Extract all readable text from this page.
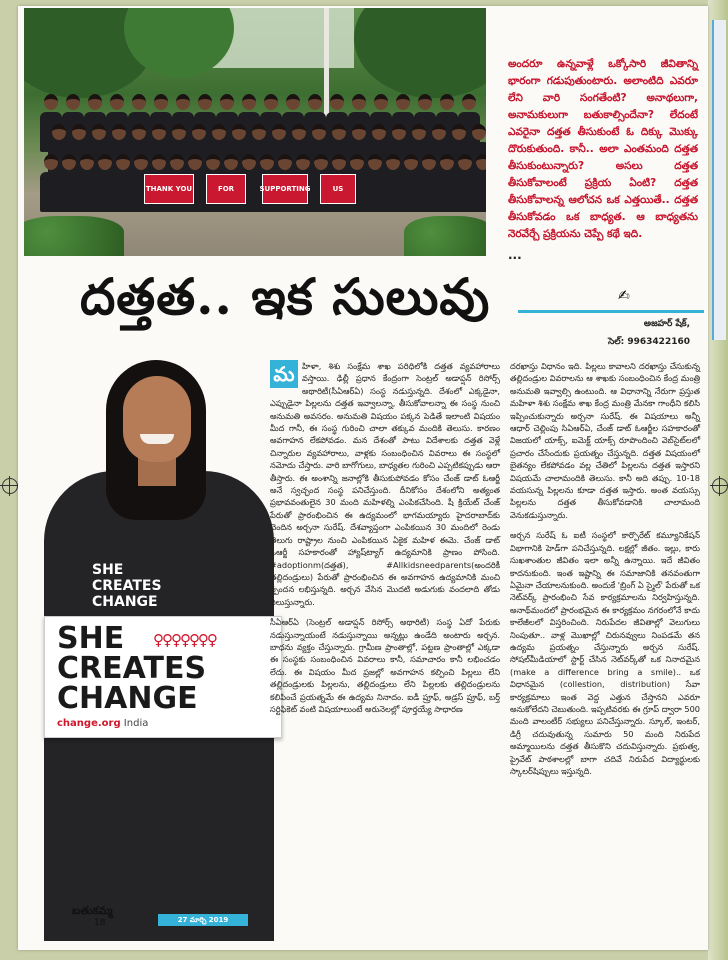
THANK YOU	FOR	SUPPORTING	US
అందరూ ఉన్నవాళ్లే ఒక్కోసారి జీవితాన్ని భారంగా గడుపుతుంటారు. అలాంటిది ఎవరూ లేని వారి సంగతేంటి? అనాథలుగా, అనామకులుగా బతుకాల్సిందేనా? లేదంటే ఎవరైనా దత్తత తీసుకుంటే ఓ దిక్కు మొక్కు దొరుకుతుంది. కానీ.. అలా ఎంతమంది దత్తత తీసుకుంటున్నారు? అసలు దత్తత తీసుకోవాలంటే ప్రక్రియ ఏంటి? దత్తత తీసుకోవాలన్న ఆలోచన ఒక ఎత్తయితే.. దత్తత తీసుకోవడం ఒక బాధ్యత. ఆ బాధ్యతను నెరవేర్చే ప్రక్రియను చెప్పే కథే ఇది.
...
దత్తత.. ఇక సులువు	✍
అజహర్ షేక్,
సెల్: 9963422160
SHE
CREATES
CHANGE
SHE ♀♀♀♀♀♀♀
CREATES
CHANGE
change.org India
బతుకమ్మ
18	27 మార్చి 2019

మ హిళా, శిశు సంక్షేమ శాఖ పరిధిలోకి దత్తత వ్యవహారాలు వస్తాయి. ఢిల్లీ ప్రధాన కేంద్రంగా సెంట్రల్ అడాప్షన్ రిసోర్స్ అథారిటీ(సీఏఆర్ఏ) సంస్థ నడుస్తున్నది. దేశంలో ఎక్కడైనా, ఎప్పుడైనా పిల్లలను దత్తత ఇవ్వాలన్నా, తీసుకోవాలన్నా ఈ సంస్థ నుంచి అనుమతి అవసరం. అనుమతి విషయం పక్కన పెడితే ఇలాంటి విషయం మీద గానీ, ఈ సంస్థ గురించి చాలా తక్కువ మందికి తెలుసు. కారణం అవగాహన లేకపోవడం. మన దేశంతో పాటు విదేశాలకు దత్తత వెళ్లే చిన్నారుల వ్యవహారాలు, వాళ్లకు సంబంధించిన వివరాలు ఈ సంస్థలో నమోదు చేస్తారు. వారి బాగోగులు, బాధ్యతల గురించి ఎప్పటికప్పుడు ఆరా తీస్తారు. ఈ అంశాన్ని జనాల్లోకి తీసుకుపోవడం కోసం చేంజ్ డాట్ ఓఆర్జీ అనే స్వచ్ఛంద సంస్థ పనిచేస్తుంది. దీనికోసం దేశంలోని అత్యంత ప్రభావవంతులైన 30 మంది మహిళల్ని ఎంపికచేసింది. షీ క్రియేట్ చేంజ్ పేరుతో ప్రారంభించిన ఈ ఉద్యమంలో భాగమయ్యారు హైదరాబాద్‌కు చెందిన అర్చనా సురేష్. దేశవ్యాప్తంగా ఎంపికయిన 30 మందిలో రెండు తెలుగు రాష్ట్రాల నుంచి ఎంపికయిన ఏకైక మహిళ ఈమె. చేంజ్ డాట్ ఓఆర్జీ సహకారంతో హ్యాష్‌ట్యాగ్ ఉద్యమానికి ప్రాణం పోసింది. #adoptionm(దత్తత), #Allkidsneedparents(అందరికీ తల్లిదండ్రులు) పేరుతో ప్రారంభించిన ఈ అవగాహన ఉద్యమానికి మంచి స్పందన లభిస్తున్నది. అర్చన వేసిన మొదటి అడుగుకు వందలాది తోడు నిలుస్తున్నారు.

సీఏఆర్ఏ (సెంట్రల్ అడాప్షన్ రిసోర్స్ అథారిటీ) సంస్థ ఏదో పేరుకు నడుస్తున్నాయంటే నడుస్తున్నాయి అన్నట్లు ఉండేది అంటారు అర్చన. బాధను వ్యక్తం చేస్తున్నారు. గ్రామీణ ప్రాంతాల్లో, పట్టణ ప్రాంతాల్లో ఎక్కడా ఈ సంస్థకు సంబంధించిన వివరాలు కానీ, సమాచారం కానీ లభించడం లేదు. ఈ విషయం మీద ప్రజల్లో అవగాహన కల్పించి పిల్లలు లేని తల్లిదండ్రులకు పిల్లలను, తల్లిదండ్రులు లేని పిల్లలకు తల్లిదండ్రులను కలిపించే ప్రయత్నమే ఈ ఉద్యమ నినాదం. ఐడీ ప్రూఫ్, అడ్రస్ ప్రూఫ్, బర్త్ సర్టిఫికెట్ వంటి విషయాలుంటే అరునెలల్లో పూర్తయ్యే సాధారణ

దరఖాస్తు విధానం ఇది. పిల్లలు కావాలని దరఖాస్తు చేసుకున్న తల్లిదండ్రుల వివరాలను ఆ శాఖకు సంబంధించిన కేంద్ర మంత్రి అనుమతి ఇవ్వాల్సి ఉంటుంది. ఆ విధానాన్ని నేరుగా ప్రస్తుత మహిళా శిశు సంక్షేమ శాఖ కేంద్ర మంత్రి మేనకా గాంధీని కలిసి ఇప్పించుకున్నారు అర్చనా సురేష్. ఈ విషయాలు అన్నీ ఆధార్ చెల్లింపు సిఏఆర్ఏ, చేంజ్ డాట్ ఓఆర్జీల సహకారంతో విజయలో యాక్స్, ఐమెక్ట్ యాక్స్ రూపొందించి వెబ్‌సైట్‌లలో ప్రచారం చేసేందుకు ప్రయత్నం చేస్తున్నది. దత్తత విషయంలో బైతన్యం లేకపోవడం వల్ల చేతిలో పిల్లలను దత్తత ఇస్తారని విషయమే చాలామందికి తెలుసు. కానీ అది తప్పు. 10-18 వయసున్న పిల్లలను కూడా దత్తత ఇస్తారు. అంత వయస్సు పిల్లలను దత్తత తీసుకోవడానికి చాలామంది వెనుకడుస్తున్నారు.

అర్చన సురేష్ ఓ ఐటీ సంస్థలో కార్పొరేట్ కమ్యూనికేషన్ విభాగానికి హెడ్‌గా పనిచేస్తున్నది. లక్షల్లో జీతం. ఇల్లు, కారు సుఖశాంతుల జీవితం ఇలా అన్నీ ఉన్నాయి. ఇదే జీవితం కాదనుకుంది. ఇంత ఇష్టాన్ని ఈ సమాజానికి తనవంతుగా ఏమైనా చేయాలనుకుంది. అందుకే 'బ్రింగ్ ఏ స్మైల్' పేరుతో ఒక నెట్‌వర్క్‌ ప్రారంభించి సేవ కార్యక్రమాలను నిర్వహిస్తున్నది. అనాథ్‌మందలో ప్రారంభమైన ఈ కార్యక్రమం నగరంలోనే కాదు కాలేజీలలో విస్తరించింది. నిరుపేదల జీవితాల్లో వెలుగులు నింపుతూ.. వాళ్ల మొఖాల్లో చిరునవ్వులు నింపడమే తన ఉద్యమ ప్రయత్నం చేస్తున్నారు అర్చన సురేష్. సోషల్‌మీడియాలో స్టార్ట్ చేసిన నెట్‌వర్క్‌తో ఒక నినాదమైన (make a difference bring a smile).. ఒక విధానమైన (collestion, distribution) సేవా కార్యక్రమాలు ఇంత వెద్ద ఎత్తున చేస్తానని ఎవరూ అనుకోలేదని చెబుతుంది. ఇప్పటివరకు ఈ గ్రూప్ ద్వారా 500 మంది వాలంటీర్ సభ్యులు పనిచేస్తున్నారు. స్కూల్, ఇంటర్, డిగ్రీ చదువుతున్న సుమారు 50 మంది నిరుపేద అమ్మాయిలను దత్తత తీసుకొని చదువిస్తున్నారు. ప్రభుత్వ, ప్రైవేట్ పాఠశాలల్లో బాగా చదివే నిరుపేద విద్యార్థులకు స్కాలర్‌షిప్పులు ఇస్తున్నది.
